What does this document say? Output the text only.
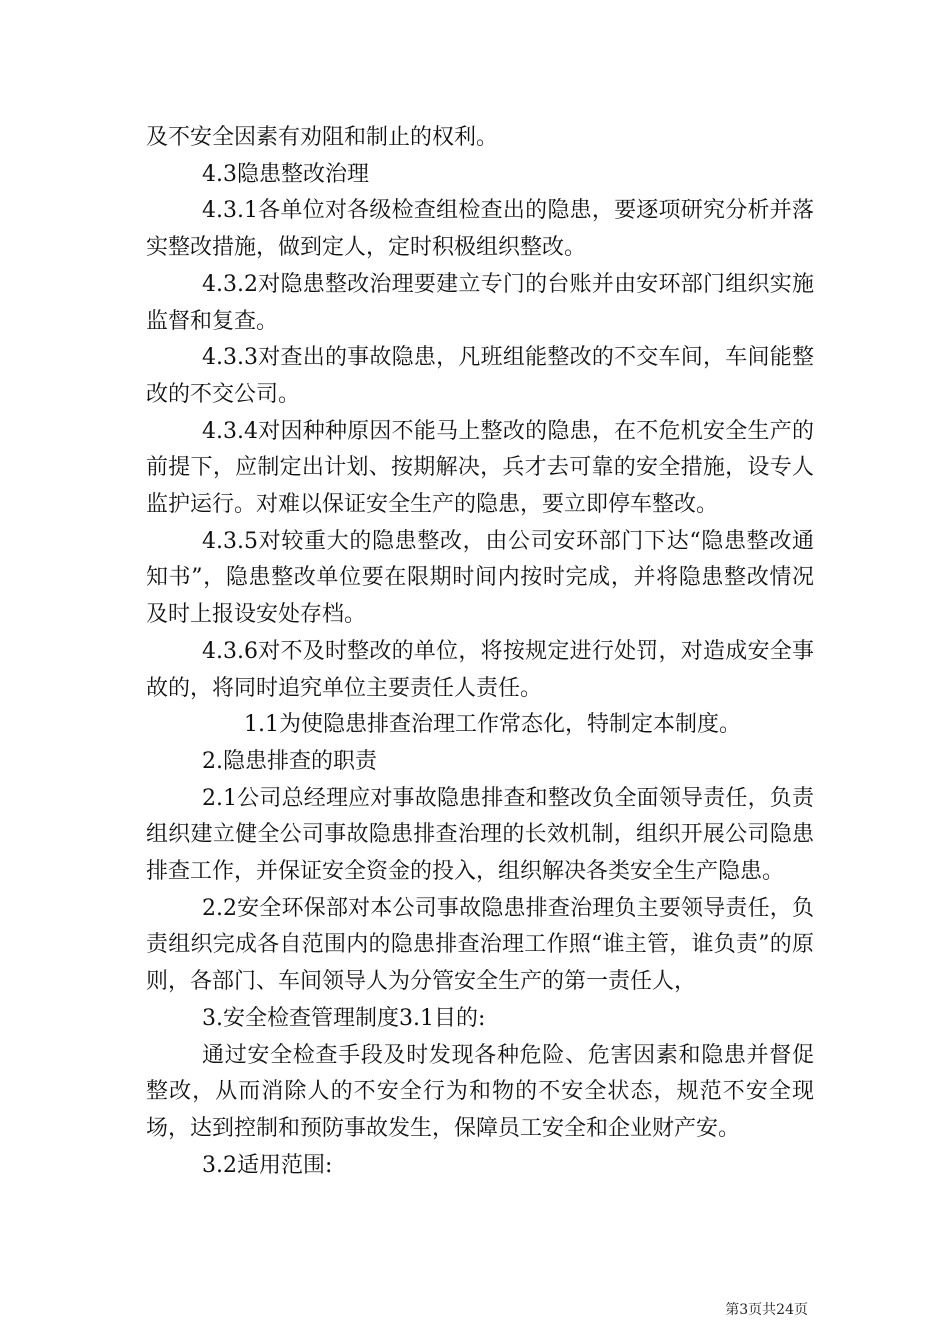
及不安全因素有劝阻和制止的权利。

4.3隐患整改治理

4.3.1各单位对各级检查组检查出的隐患，要逐项研究分析并落实整改措施，做到定人，定时积极组织整改。

4.3.2对隐患整改治理要建立专门的台账并由安环部门组织实施监督和复查。

4.3.3对查出的事故隐患，凡班组能整改的不交车间，车间能整改的不交公司。

4.3.4对因种种原因不能马上整改的隐患，在不危机安全生产的前提下，应制定出计划、按期解决，兵才去可靠的安全措施，设专人监护运行。对难以保证安全生产的隐患，要立即停车整改。

4.3.5对较重大的隐患整改，由公司安环部门下达“隐患整改通知书”，隐患整改单位要在限期时间内按时完成，并将隐患整改情况及时上报设安处存档。

4.3.6对不及时整改的单位，将按规定进行处罚，对造成安全事故的，将同时追究单位主要责任人责任。

1.1为使隐患排查治理工作常态化，特制定本制度。

2.隐患排查的职责

2.1公司总经理应对事故隐患排查和整改负全面领导责任，负责组织建立健全公司事故隐患排查治理的长效机制，组织开展公司隐患排查工作，并保证安全资金的投入，组织解决各类安全生产隐患。

2.2安全环保部对本公司事故隐患排查治理负主要领导责任，负责组织完成各自范围内的隐患排查治理工作照“谁主管，谁负责”的原则，各部门、车间领导人为分管安全生产的第一责任人，

3.安全检查管理制度3.1目的:

通过安全检查手段及时发现各种危险、危害因素和隐患并督促整改，从而消除人的不安全行为和物的不安全状态，规范不安全现场，达到控制和预防事故发生，保障员工安全和企业财产安。

3.2适用范围:

第3页共24页
